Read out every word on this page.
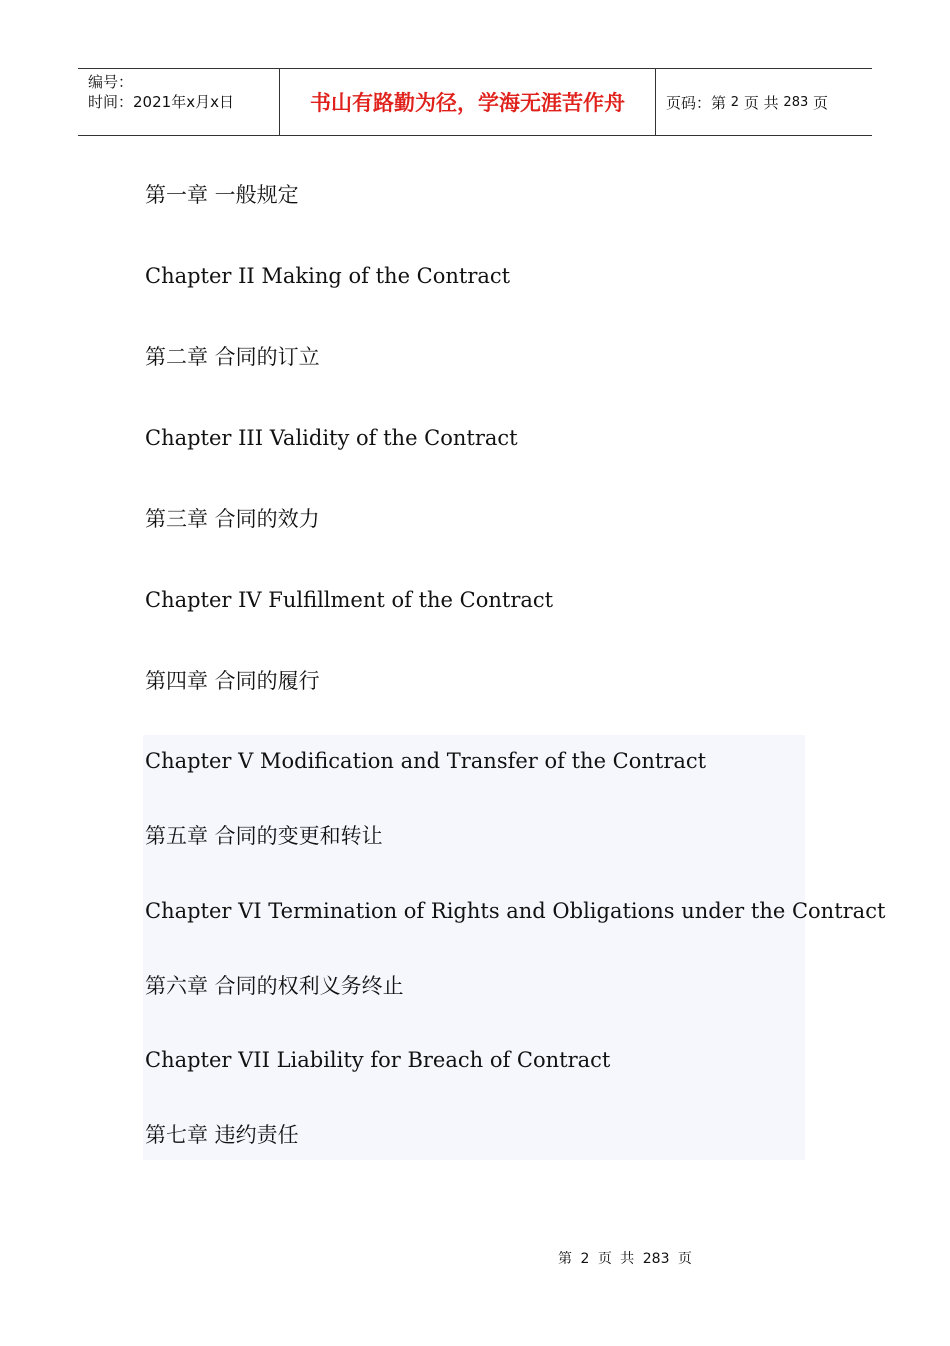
编号：
时间：2021年x月x日	书山有路勤为径，学海无涯苦作舟	页码：第
2
页 共
283
页
第一章 一般规定
Chapter II Making of the Contract
第二章 合同的订立
Chapter III Validity of the Contract
第三章 合同的效力
Chapter IV Fulfillment of the Contract
第四章 合同的履行
Chapter V Modification and Transfer of the Contract
第五章 合同的变更和转让
Chapter VI Termination of Rights and Obligations under the Contract
第六章 合同的权利义务终止
Chapter VII Liability for Breach of Contract
第七章 违约责任
第 2 页 共 283 页
